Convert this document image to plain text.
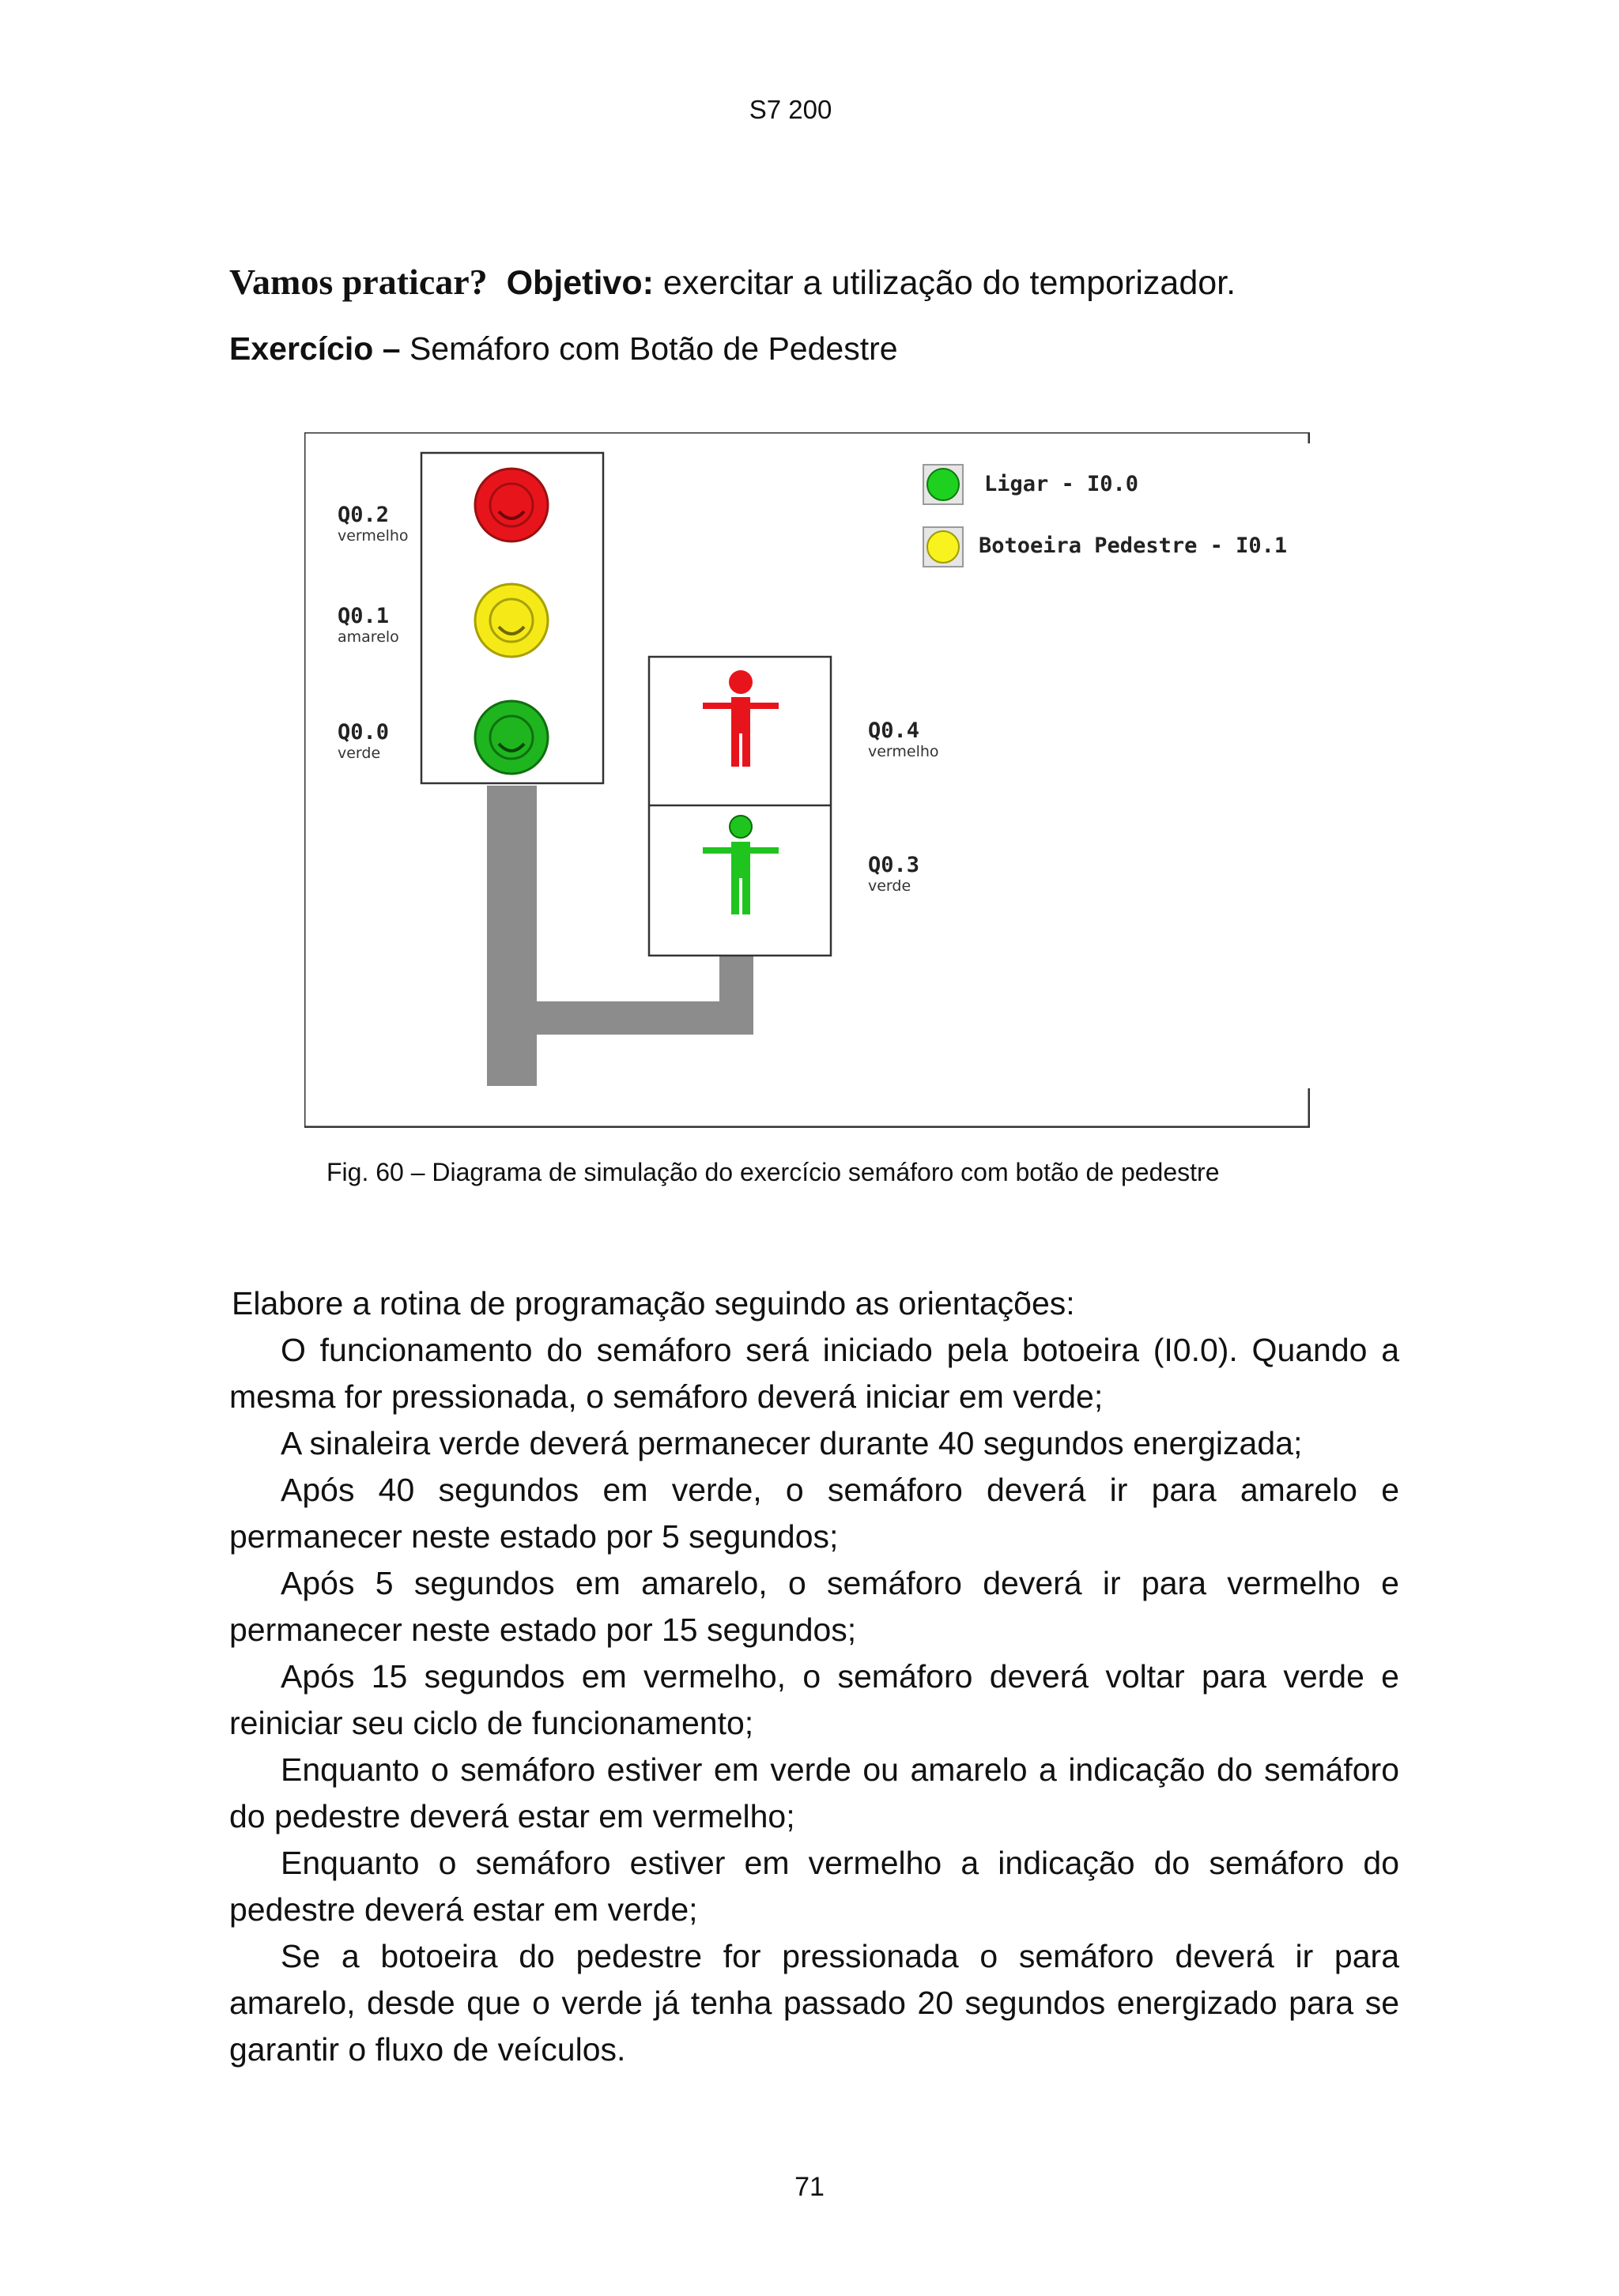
S7 200
Vamos praticar? Objetivo: exercitar a utilização do temporizador.
Exercício – Semáforo com Botão de Pedestre
Q0.2
vermelho
Q0.1
amarelo
Q0.0
verde
Q0.4
vermelho
Q0.3
verde
Ligar - I0.0
Botoeira Pedestre - I0.1
Fig. 60 – Diagrama de simulação do exercício semáforo com botão de pedestre

Elabore a rotina de programação seguindo as orientações:

O funcionamento do semáforo será iniciado pela botoeira (I0.0). Quando a mesma for pressionada, o semáforo deverá iniciar em verde;

A sinaleira verde deverá permanecer durante 40 segundos energizada;

Após 40 segundos em verde, o semáforo deverá ir para amarelo e permanecer neste estado por 5 segundos;

Após 5 segundos em amarelo, o semáforo deverá ir para vermelho e permanecer neste estado por 15 segundos;

Após 15 segundos em vermelho, o semáforo deverá voltar para verde e reiniciar seu ciclo de funcionamento;

Enquanto o semáforo estiver em verde ou amarelo a indicação do semáforo do pedestre deverá estar em vermelho;

Enquanto o semáforo estiver em vermelho a indicação do semáforo do pedestre deverá estar em verde;

Se a botoeira do pedestre for pressionada o semáforo deverá ir para amarelo, desde que o verde já tenha passado 20 segundos energizado para se garantir o fluxo de veículos.

71
